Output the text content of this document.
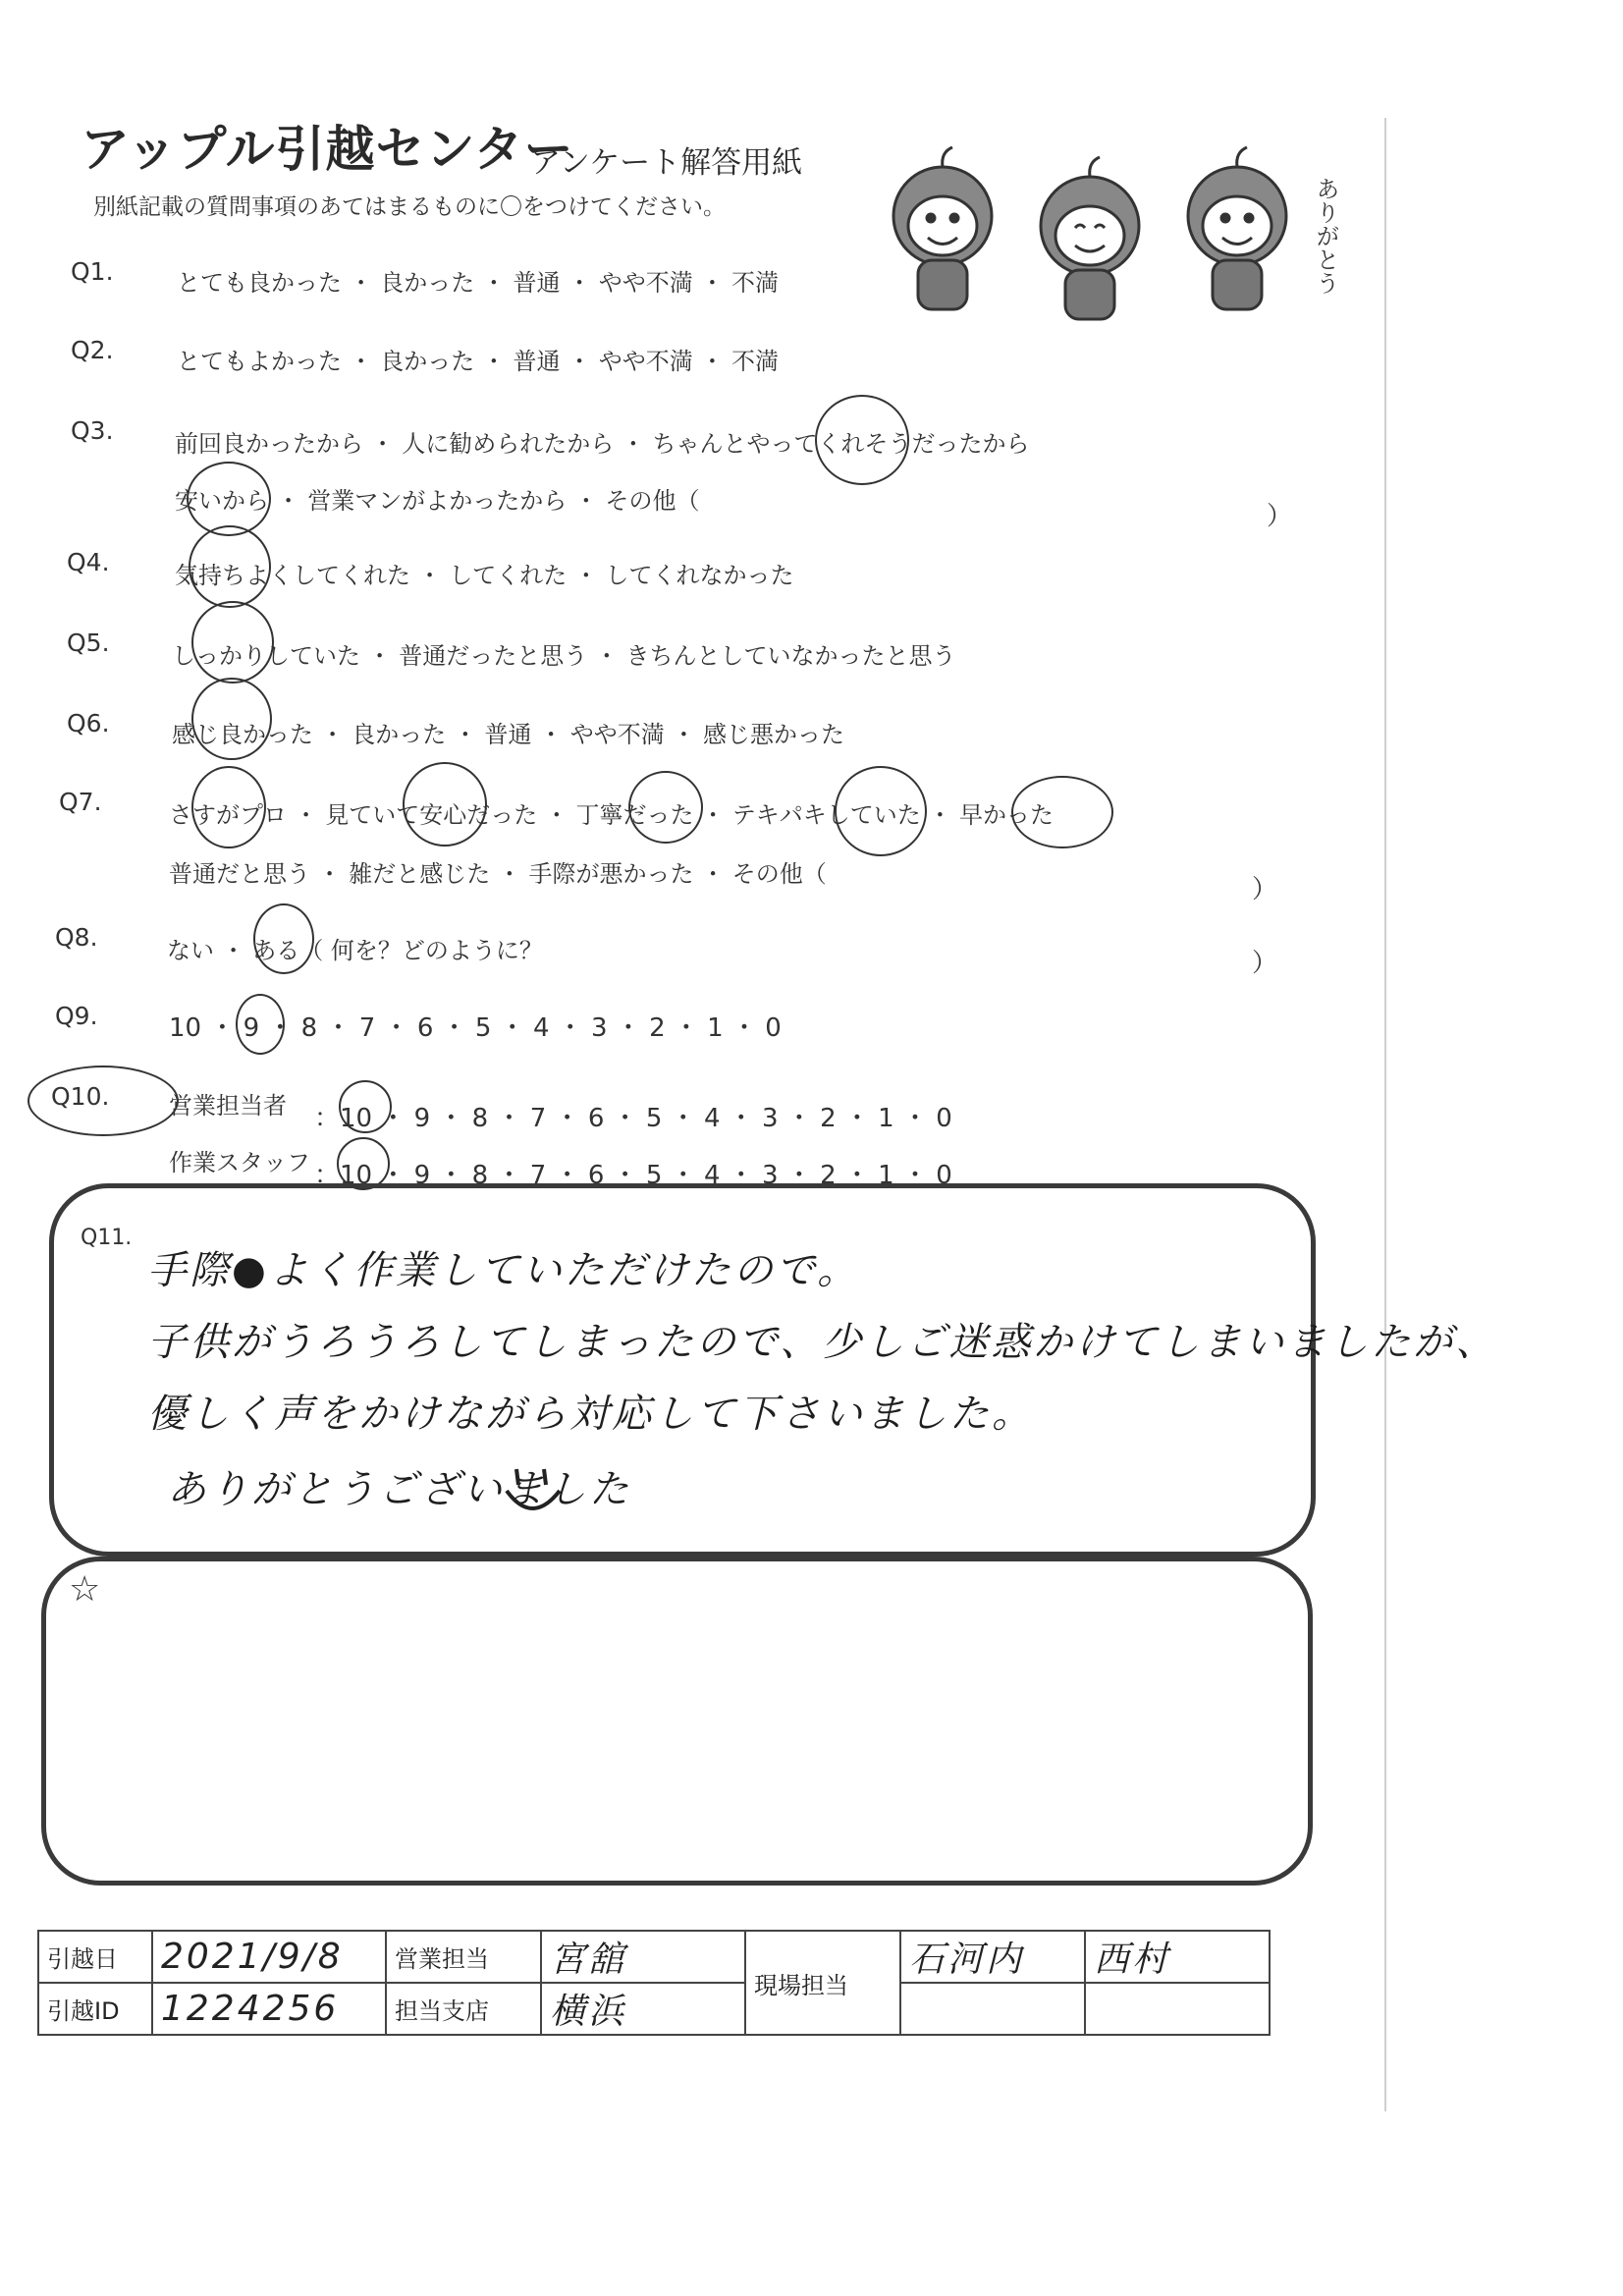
アップル引越センター
アンケート解答用紙
別紙記載の質問事項のあてはまるものに〇をつけてください。	ありがとう
Q1.	とても良かった ・ 良かった ・ 普通 ・ やや不満 ・ 不満
Q2.	とてもよかった ・ 良かった ・ 普通 ・ やや不満 ・ 不満
Q3.	前回良かったから ・ 人に勧められたから ・ ちゃんとやってくれそうだったから
安いから ・ 営業マンがよかったから ・ その他（
）
Q4.	気持ちよくしてくれた ・ してくれた ・ してくれなかった
Q5.	しっかりしていた ・ 普通だったと思う ・ きちんとしていなかったと思う
Q6.	感じ良かった ・ 良かった ・ 普通 ・ やや不満 ・ 感じ悪かった
Q7.	さすがプロ ・ 見ていて安心だった ・ 丁寧だった ・ テキパキしていた ・ 早かった
普通だと思う ・ 雑だと感じた ・ 手際が悪かった ・ その他（
）
Q8.	ない ・ ある（ 何を？どのように？	）
Q9.	10 ・ 9 ・ 8 ・ 7 ・ 6 ・ 5 ・ 4 ・ 3 ・ 2 ・ 1 ・ 0
Q10.	営業担当者 ：10 ・ 9 ・ 8 ・ 7 ・ 6 ・ 5 ・ 4 ・ 3 ・ 2 ・ 1 ・ 0
作業スタッフ ：10 ・ 9 ・ 8 ・ 7 ・ 6 ・ 5 ・ 4 ・ 3 ・ 2 ・ 1 ・ 0
Q11.
手際●よく作業していただけたので。
子供がうろうろしてしまったので、少しご迷惑かけてしまいましたが、
優しく声をかけながら対応して下さいました。
ありがとうございました
☆
引越日	2021/9/8	営業担当	宮舘	現場担当	石河内	西村
引越ID	1224256	担当支店	横浜			
